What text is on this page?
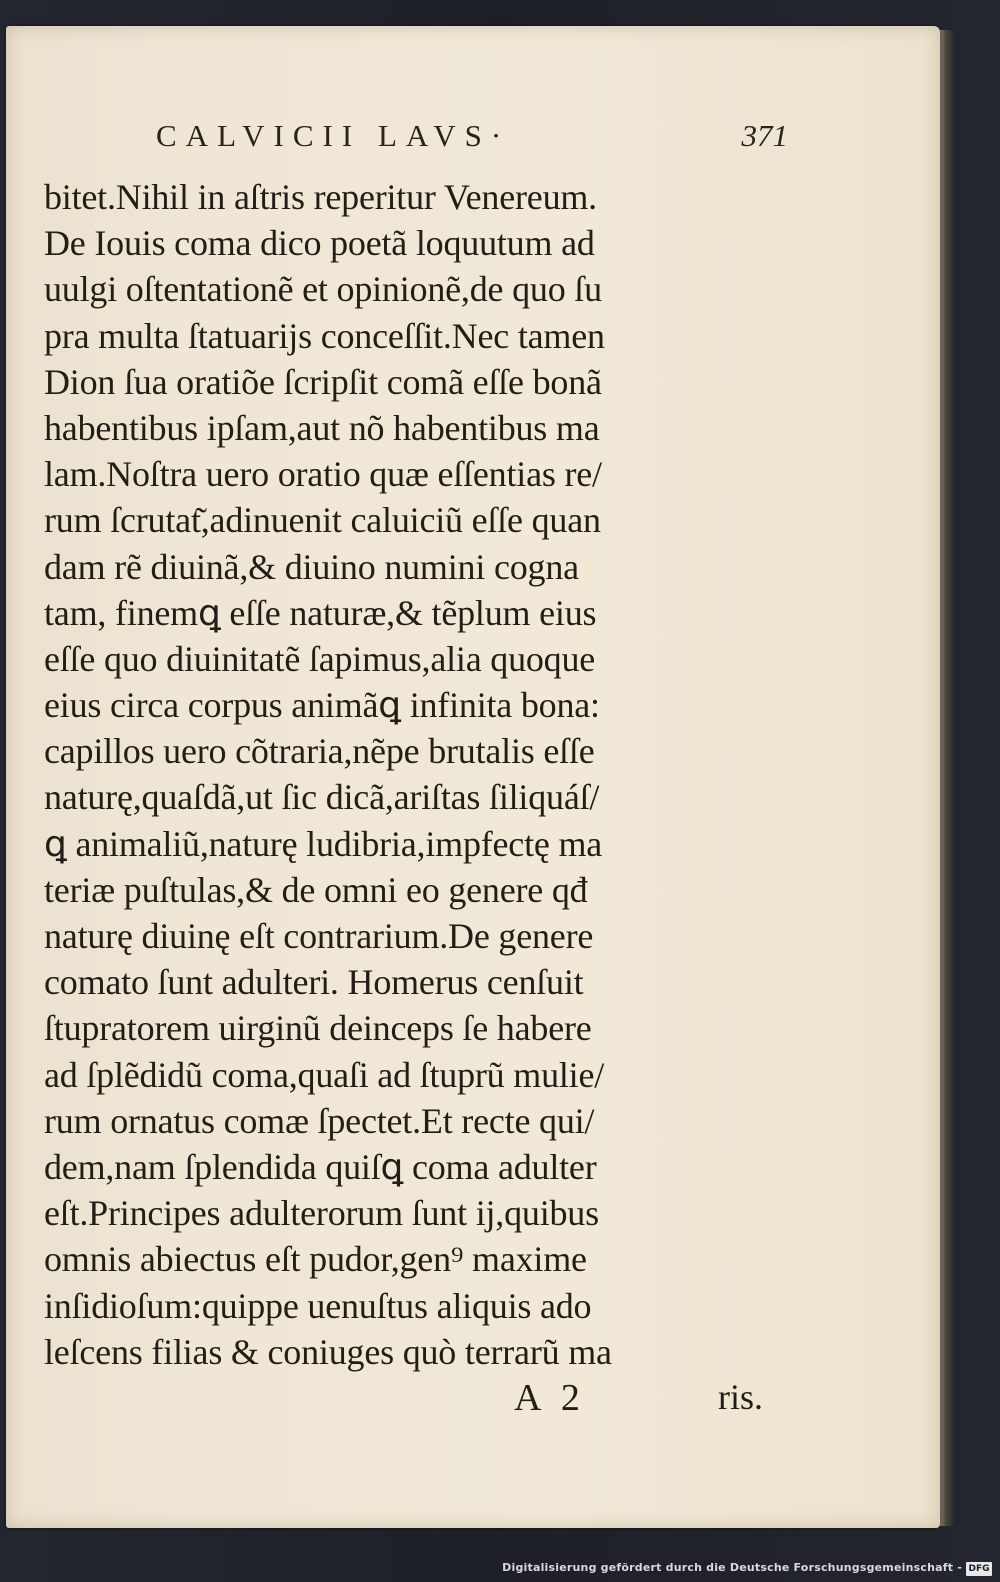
CALVICII LAVS·	371
bitet.Nihil in aſtris reperitur Venereum.
De Iouis coma dico poetã loquutum ad
uulgi oſtentationẽ et opinionẽ,de quo ſu
pra multa ſtatuarijs conceſſit.Nec tamen
Dion ſua oratiõe ſcripſit comã eſſe bonã
habentibus ipſam,aut nõ habentibus ma
lam.Noſtra uero oratio quæ eſſentias re/
rum ſcrutat͂,adinuenit caluiciũ eſſe quan
dam rẽ diuinã,& diuino numini cogna
tam, finemꝗ eſſe naturæ,& tẽplum eius
eſſe quo diuinitatẽ ſapimus,alia quoque
eius circa corpus animãꝗ infinita bona:
capillos uero cõtraria,nẽpe brutalis eſſe
naturę,quaſdã,ut ſic dicã,ariſtas ſiliquáſ/
ꝗ animaliũ,naturę ludibria,impfectę ma
teriæ puſtulas,& de omni eo genere qđ
naturę diuinę eſt contrarium.De genere
comato ſunt adulteri. Homerus cenſuit
ſtupratorem uirginũ deinceps ſe habere
ad ſplẽdidũ coma,quaſi ad ſtuprũ mulie/
rum ornatus comæ ſpectet.Et recte qui/
dem,nam ſplendida quiſꝗ coma adulter
eſt.Principes adulterorum ſunt ij,quibus
omnis abiectus eſt pudor,gen⁹ maxime
inſidioſum:quippe uenuſtus aliquis ado
leſcens filias & coniuges quò terrarũ ma
A 2	ris.
Digitalisierung gefördert durch die Deutsche Forschungsgemeinschaft - DFG
